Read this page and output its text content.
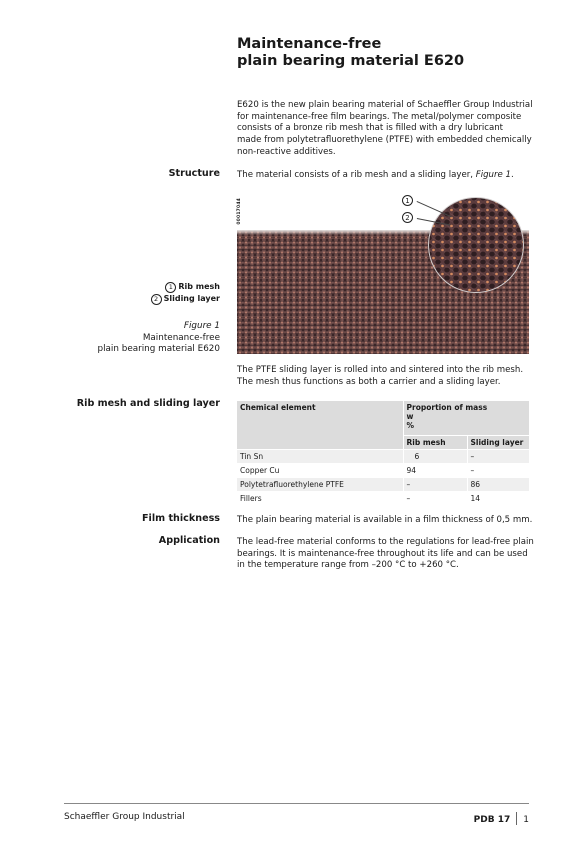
Maintenance-free
plain bearing material E620

E620 is the new plain bearing material of Schaeffler Group Industrial
for maintenance-free film bearings. The metal/polymer composite
consists of a bronze rib mesh that is filled with a dry lubricant
made from polytetrafluorethylene (PTFE) with embedded chemically
non-reactive additives.

Structure The material consists of a rib mesh and a sliding layer, Figure 1.

00017044	1
2
1 Rib mesh
2 Sliding layer
Figure 1
Maintenance-free
plain bearing material E620

The PTFE sliding layer is rolled into and sintered into the rib mesh.
The mesh thus functions as both a carrier and a sliding layer.

Rib mesh and sliding layer	Chemical element	Proportion of mass
w
%	

	Rib mesh	Sliding layer
Tin Sn	6	–
Copper Cu	94	–
Polytetrafluorethylene PTFE	–	86
Fillers	–	14
Film thickness The plain bearing material is available in a film thickness of 0,5 mm.

Application The lead-free material conforms to the regulations for lead-free plain
bearings. It is maintenance-free throughout its life and can be used
in the temperature range from –200 °C to +260 °C.

Schaeffler Group Industrial	PDB 17 1
